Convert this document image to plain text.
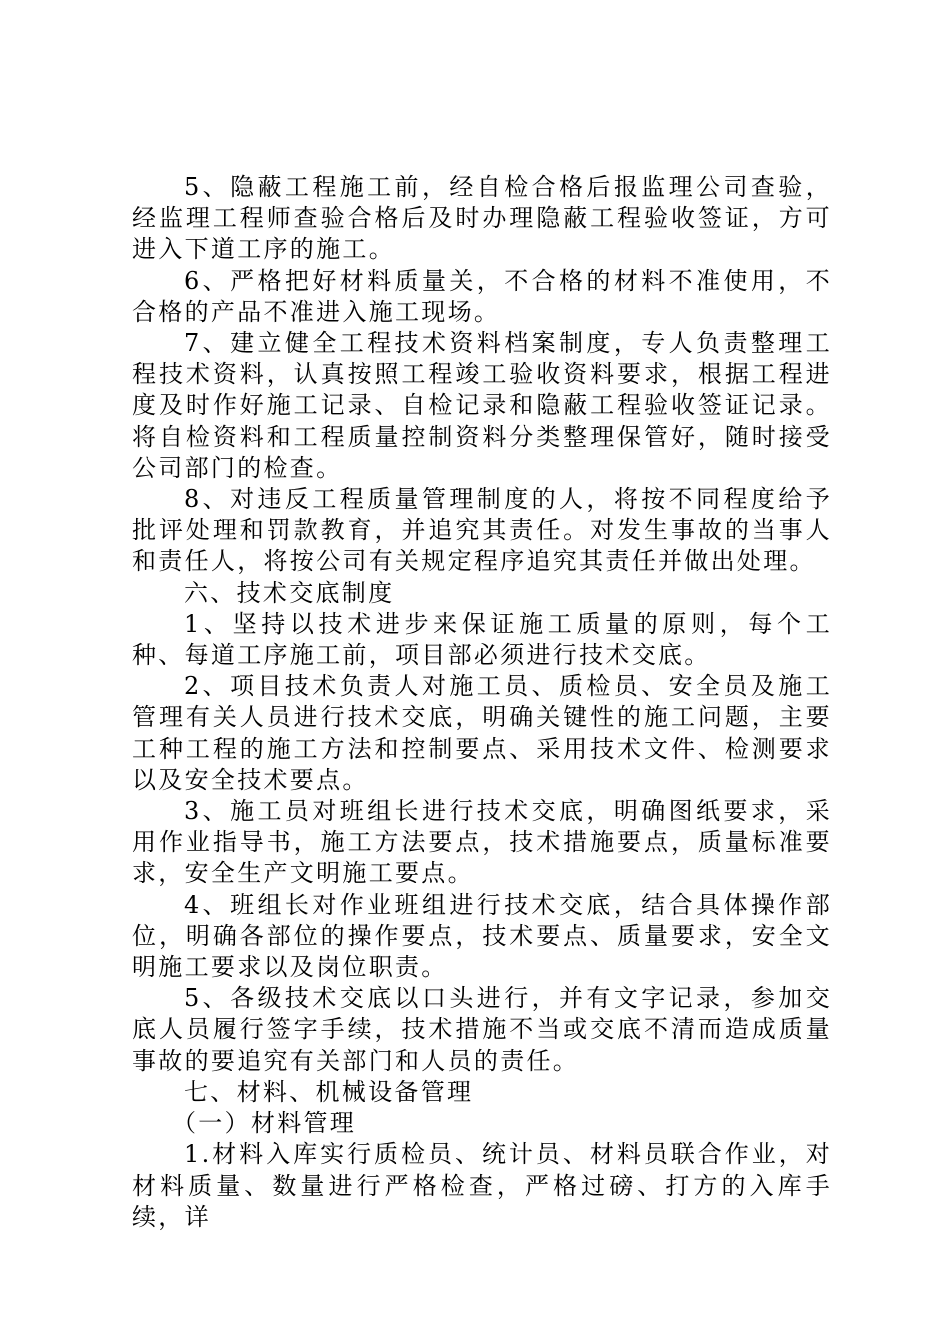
5、隐蔽工程施工前，经自检合格后报监理公司查验，经监理工程师查验合格后及时办理隐蔽工程验收签证，方可进入下道工序的施工。

6、严格把好材料质量关，不合格的材料不准使用，不合格的产品不准进入施工现场。

7、建立健全工程技术资料档案制度，专人负责整理工程技术资料，认真按照工程竣工验收资料要求，根据工程进度及时作好施工记录、自检记录和隐蔽工程验收签证记录。将自检资料和工程质量控制资料分类整理保管好，随时接受公司部门的检查。

8、对违反工程质量管理制度的人，将按不同程度给予批评处理和罚款教育，并追究其责任。对发生事故的当事人和责任人，将按公司有关规定程序追究其责任并做出处理。

六、技术交底制度

1、坚持以技术进步来保证施工质量的原则，每个工种、每道工序施工前，项目部必须进行技术交底。

2、项目技术负责人对施工员、质检员、安全员及施工管理有关人员进行技术交底，明确关键性的施工问题，主要工种工程的施工方法和控制要点、采用技术文件、检测要求以及安全技术要点。

3、施工员对班组长进行技术交底，明确图纸要求，采用作业指导书，施工方法要点，技术措施要点，质量标准要求，安全生产文明施工要点。

4、班组长对作业班组进行技术交底，结合具体操作部位，明确各部位的操作要点，技术要点、质量要求，安全文明施工要求以及岗位职责。

5、各级技术交底以口头进行，并有文字记录，参加交底人员履行签字手续，技术措施不当或交底不清而造成质量事故的要追究有关部门和人员的责任。

七、材料、机械设备管理

（一）材料管理

1.材料入库实行质检员、统计员、材料员联合作业，对材料质量、数量进行严格检查，严格过磅、打方的入库手续，详
